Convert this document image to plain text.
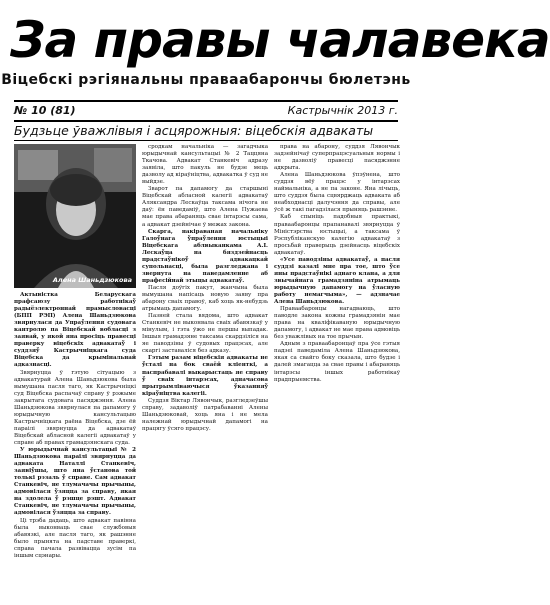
За правы чалавека
Віцебскі рэгіянальны праваабарончы бюлетэнь
№ 10 (81)	Кастрычнік 2013 г.
Будзьце ўважлівыя і асцярожныя: віцебскія адвакаты
Алена Шаньдзюкова

Актывістка Беларускага прафсаюзу работнікаў радыёэлектроннай прамысловасці (БПП РЭП) Алена Шаньдзюкова звярнулася да Упраўлення судовага кантролю па Віцебскай вобласці з заявай, у якой яна просіць правесці праверку віцебскіх адвакатаў і суддзяў Кастрычніцкага суда Віцебска да крымінальнай адказнасці.

Звярнуцца ў гэтую сітуацыю з адвакатурай Алена Шаньдзюкова была вымушана пасля таго, як Кастрычніцкі суд Віцебска распачаў справу ў рэжыме закрытага судовага пасяджэння. Алена Шаньдзюкова звярнулася па дапамогу ў юрыдычную кансультацыю Кастрычніцкага раёна Віцебска, дзе ёй параілі звярнуцца да адвакатаў Віцебскай абласной калегіі адвакатаў у справе аб правах грамадзянскага суда.

У юрыдычнай кансультацыі № 2 Шаньдзюкова параілі звярнуцца да адваката Наталлі Станкевіч, заявіўшы, што яна ўстанова той толькі рэзаль ў справе. Сам адвакат Станкевіч, не тлумачачы прычыны, адмовілася ўзяцца за справу, якая на здолела ў рэшце рэшт. Адвакат Станкевіч, не тлумачачы прычыны, адмовілася ўзяцца за справу.

Ці трэба дадаць, што адвакат павінна была выконваць свае службовыя абавязкі, але пасля таго, як рашэнне было прынята на падставе праверкі, справа пачала развівацца зусім па іншым сцэнары.

сродкам начальніка — загадчыка юрыдычнай кансультацыі № 2 Таццяна Ткачова. Адвакат Станкевіч адразу заявіла, што пакуль не будзе мець дазволу ад кіраўніцтва, адвакатка ў суд не выйдзе.

Зварот па дапамогу да старшыні Віцебскай абласной калегіі адвакатаў Аляксандра Лескаўца таксама нічога не даў: ён паведаміў, што Алена Пужаева мае права абараняць свае інтарэсы сама, а адвакат дзейнічае ў межах закона.

Скарга, накіраваная начальніку Галоўнага ўпраўлення юстыцыі Віцебскага аблвыканкама А.І. Лескаўца на бяздзейнасць прадстаўнікоў адвакацкай супольнасці, была разгледжана і звернута на паведамленне аб прафесійнай этыцы адвакатаў.

Пасля доўгіх пакут, жанчына была вымушана напісаць новую заяву пра абарону сваіх правоў, каб хоць як-небудзь атрымаць дапамогу.

Пазней стала вядома, што адвакат Станкевіч не выконвала сваіх абавязкаў у мінулым, і гэта ўжо не першы выпадак. Іншыя грамадзяне таксама скардзіліся на яе паводзіны ў судовых працэсах, але скаргі заставаліся без адказу.

Гэтым разам віцебскія адвакаты не ўсталі на бок сваёй кліенткі, а паспрабавалі выкарыстаць яе справу ў сваіх інтарэсах, адначасова прытрымліваючыся ўказанняў кіраўніцтва калегіі.

Суддзя Віктар Лявончык, разгледзеўшы справу, задаволіў патрабаванні Алены Шаньдзюковай, хоць яна і не мела належнай юрыдычнай дапамогі на працягу ўсяго працэсу.

права на абарону, суддзя Лявончык задзейнічаў суперпрацэсуальныя нормы і не дазволіў правесці пасяджэнне адкрыта.

Алена Шаньдзюкова ўпэўнена, што суддзя вёў працэс у інтарэсах наймальніка, а не па законе. Яна лічыць, што суддзя была сцвярджаць адваката аб неабходнасці далучэння да справы, але ўсё ж такі пагадзілася прыняць рашэнне.

Каб спыніць падобныя практыкі, праваабаронцы прапанавалі звярнуцца ў Міністэрства юстыцыі, а таксама ў Рэспубліканскую калегію адвакатаў з просьбай праверыць дзейнасць віцебскіх адвакатаў.

«Усе паводзіны адвакатаў, а пасля суддзі казалі мне пра тое, што ўсе яны прадстаўнікі аднаго клана, а для звычайнага грамадзяніна атрымаць юрыдычную дапамогу на ўласную работу немагчыма», — адзначае Алена Шаньдзюкова.

Праваабаронцы нагадваюць, што паводле закона кожны грамадзянін мае права на кваліфікаваную юрыдычную дапамогу, і адвакат не мае права адмовіць без уважлівых на тое прычын.

Адным з праваабаронцаў пра ўсе гэтыя падзеі паведаміла Алена Шаньдзюкова, якая са свайго боку сказала, што будзе і далей змагацца за свае правы і абараняць інтарэсы іншых работнікаў прадпрыемства.
